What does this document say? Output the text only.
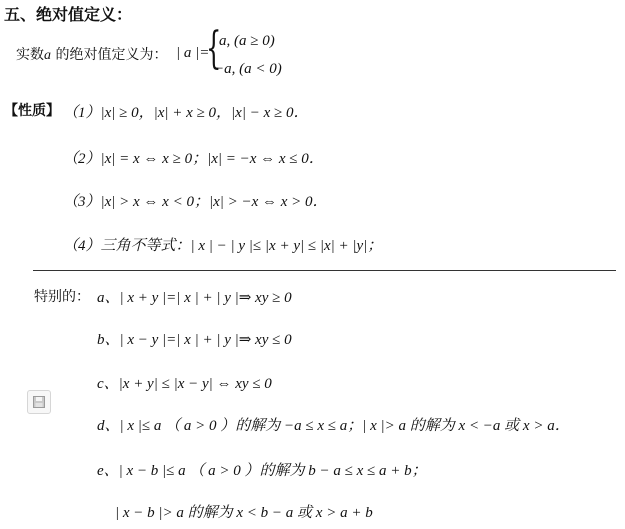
五、绝对值定义：
实数a 的绝对值定义为： | a |=
{
a, (a ≥ 0)
−a, (a < 0)
【性质】 （1）|x| ≥ 0，|x| + x ≥ 0，|x| − x ≥ 0．
（2）|x| = x ⇔ x ≥ 0；|x| = −x ⇔ x ≤ 0．
（3）|x| > x ⇔ x < 0；|x| > −x ⇔ x > 0．
（4）三角不等式：| x | − | y |≤ |x + y| ≤ |x| + |y|；
特别的： a、| x + y |=| x | + | y |⇒ xy ≥ 0
b、| x − y |=| x | + | y |⇒ xy ≤ 0
c、|x + y| ≤ |x − y| ⇔ xy ≤ 0
d、| x |≤ a （ a > 0 ）的解为 −a ≤ x ≤ a；| x |> a 的解为 x < −a 或 x > a．
e、| x − b |≤ a （ a > 0 ）的解为 b − a ≤ x ≤ a + b；
| x − b |> a 的解为 x < b − a 或 x > a + b
